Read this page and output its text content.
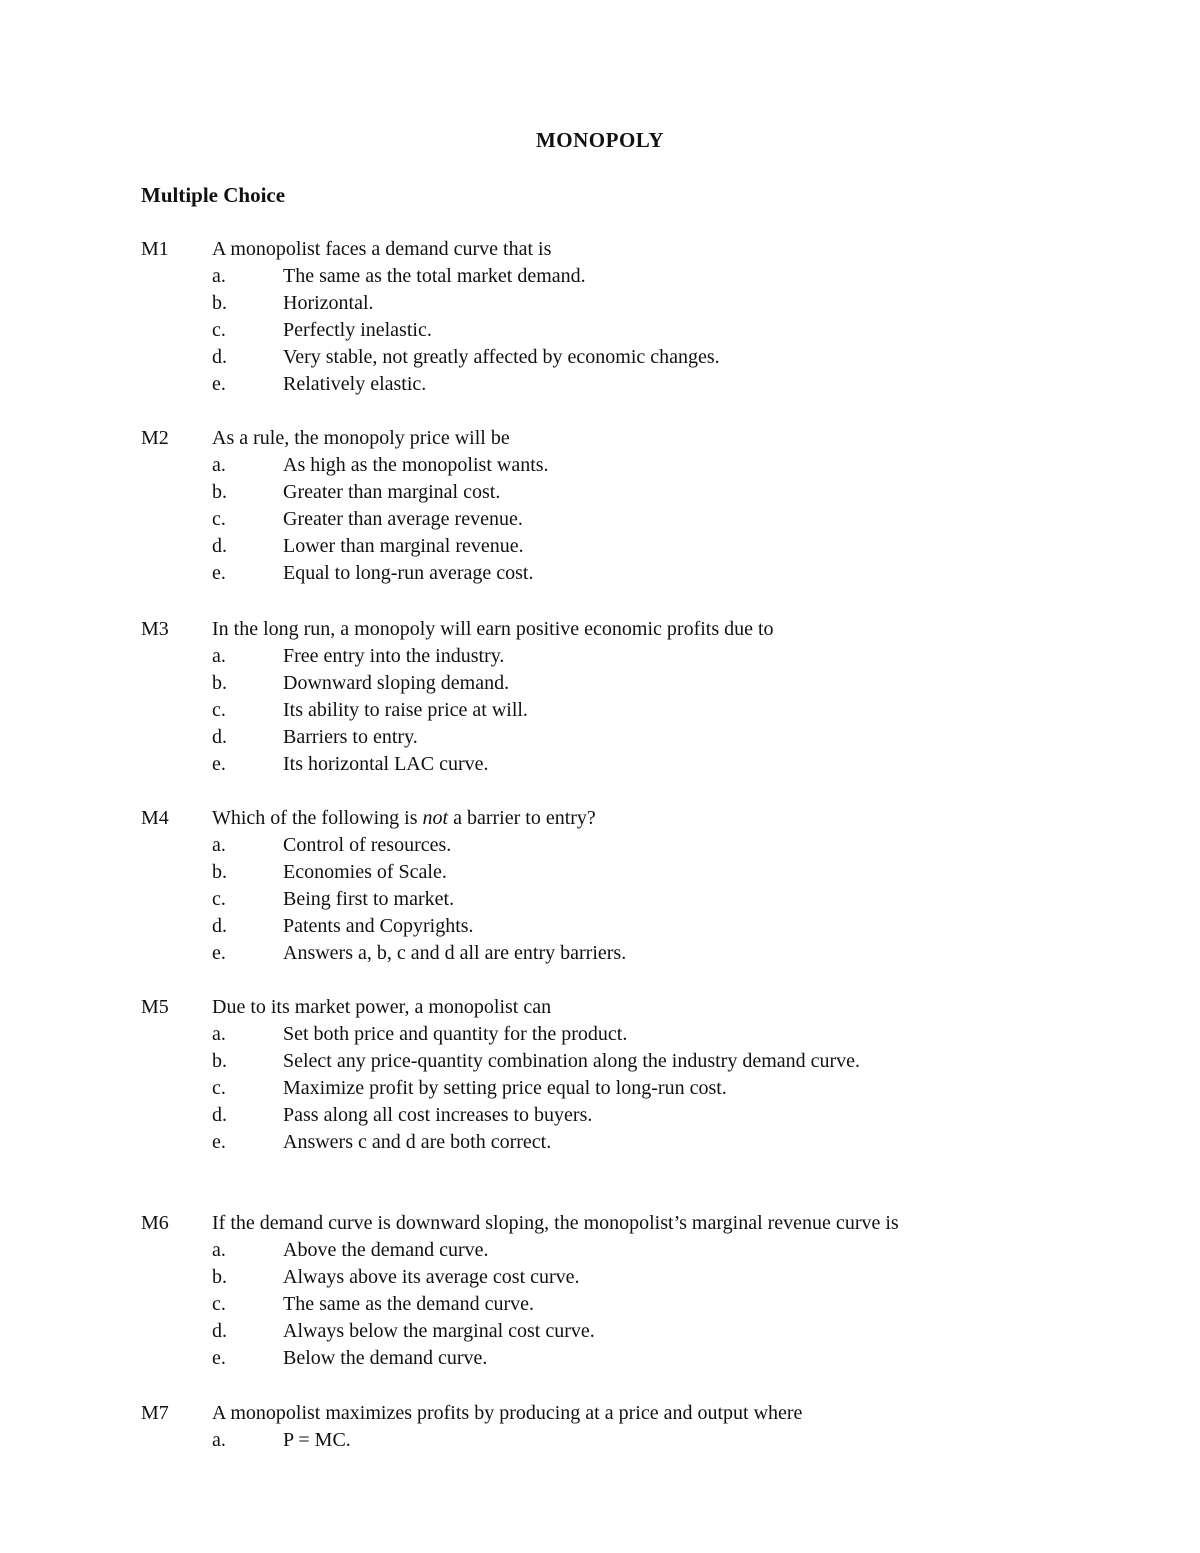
MONOPOLY
Multiple Choice
M1 A monopolist faces a demand curve that is
a.	The same as the total market demand.
b.	Horizontal.
c.	Perfectly inelastic.
d.	Very stable, not greatly affected by economic changes.
e.	Relatively elastic.
M2 As a rule, the monopoly price will be
a.	As high as the monopolist wants.
b.	Greater than marginal cost.
c.	Greater than average revenue.
d.	Lower than marginal revenue.
e.	Equal to long-run average cost.
M3 In the long run, a monopoly will earn positive economic profits due to
a.	Free entry into the industry.
b.	Downward sloping demand.
c.	Its ability to raise price at will.
d.	Barriers to entry.
e.	Its horizontal LAC curve.
M4 Which of the following is not a barrier to entry?
a.	Control of resources.
b.	Economies of Scale.
c.	Being first to market.
d.	Patents and Copyrights.
e.	Answers a, b, c and d all are entry barriers.
M5 Due to its market power, a monopolist can
a.	Set both price and quantity for the product.
b.	Select any price-quantity combination along the industry demand curve.
c.	Maximize profit by setting price equal to long-run cost.
d.	Pass along all cost increases to buyers.
e.	Answers c and d are both correct.
M6 If the demand curve is downward sloping, the monopolist’s marginal revenue curve is
a.	Above the demand curve.
b.	Always above its average cost curve.
c.	The same as the demand curve.
d.	Always below the marginal cost curve.
e.	Below the demand curve.
M7 A monopolist maximizes profits by producing at a price and output where
a.	P = MC.
